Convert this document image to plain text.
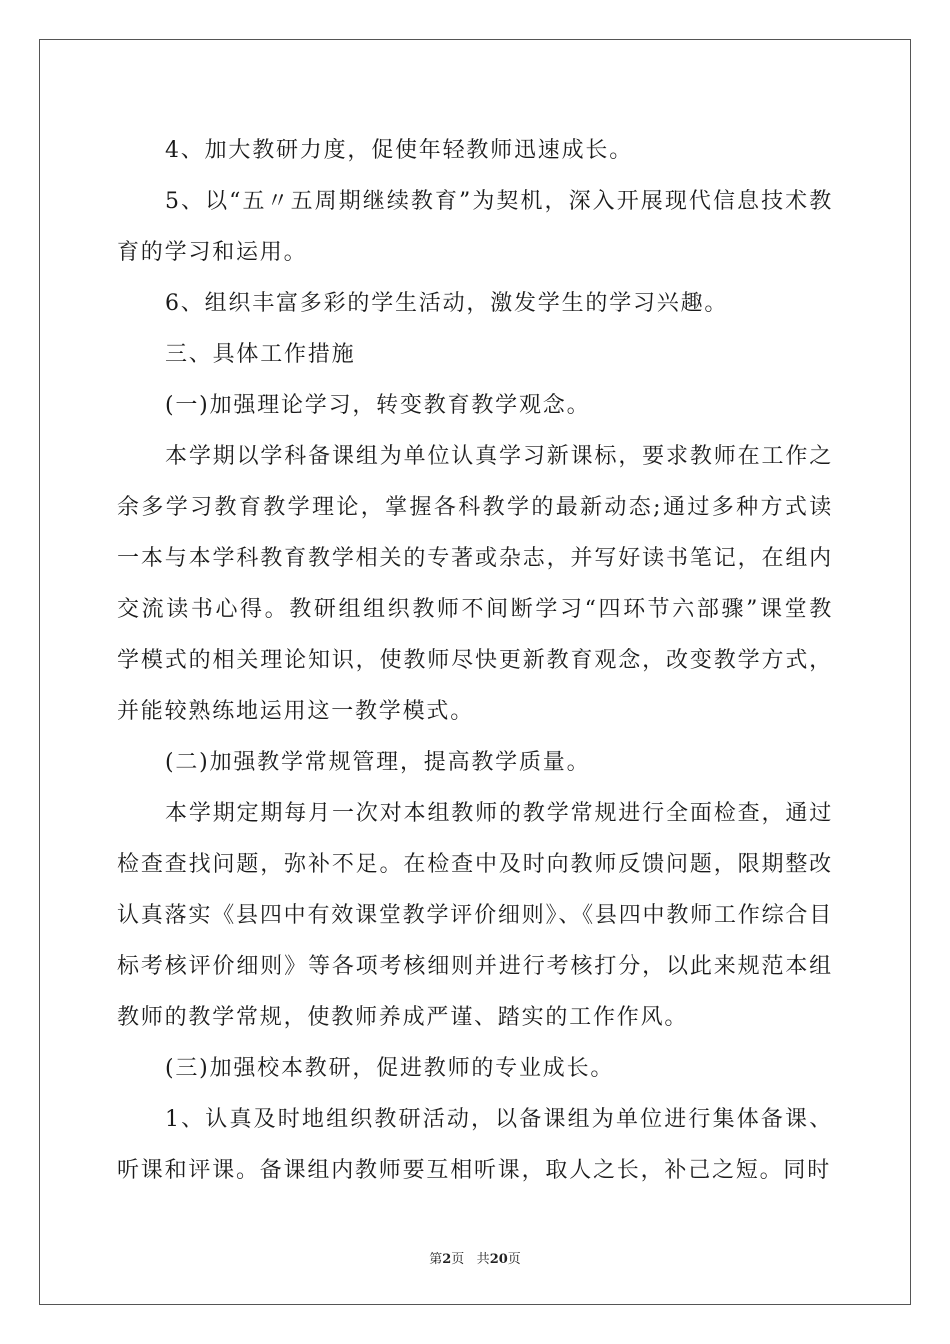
4、加大教研力度，促使年轻教师迅速成长。

5、以“五〃五周期继续教育”为契机，深入开展现代信息技术教育的学习和运用。

6、组织丰富多彩的学生活动，激发学生的学习兴趣。

三、具体工作措施

(一)加强理论学习，转变教育教学观念。

本学期以学科备课组为单位认真学习新课标，要求教师在工作之余多学习教育教学理论，掌握各科教学的最新动态;通过多种方式读一本与本学科教育教学相关的专著或杂志，并写好读书笔记，在组内交流读书心得。教研组组织教师不间断学习“四环节六部骤”课堂教学模式的相关理论知识，使教师尽快更新教育观念，改变教学方式，并能较熟练地运用这一教学模式。

(二)加强教学常规管理，提高教学质量。

本学期定期每月一次对本组教师的教学常规进行全面检查，通过检查查找问题，弥补不足。在检查中及时向教师反馈问题，限期整改认真落实《县四中有效课堂教学评价细则》、《县四中教师工作综合目标考核评价细则》等各项考核细则并进行考核打分，以此来规范本组教师的教学常规，使教师养成严谨、踏实的工作作风。

(三)加强校本教研，促进教师的专业成长。

1、认真及时地组织教研活动，以备课组为单位进行集体备课、听课和评课。备课组内教师要互相听课，取人之长，补己之短。同时

第2页 共20页
